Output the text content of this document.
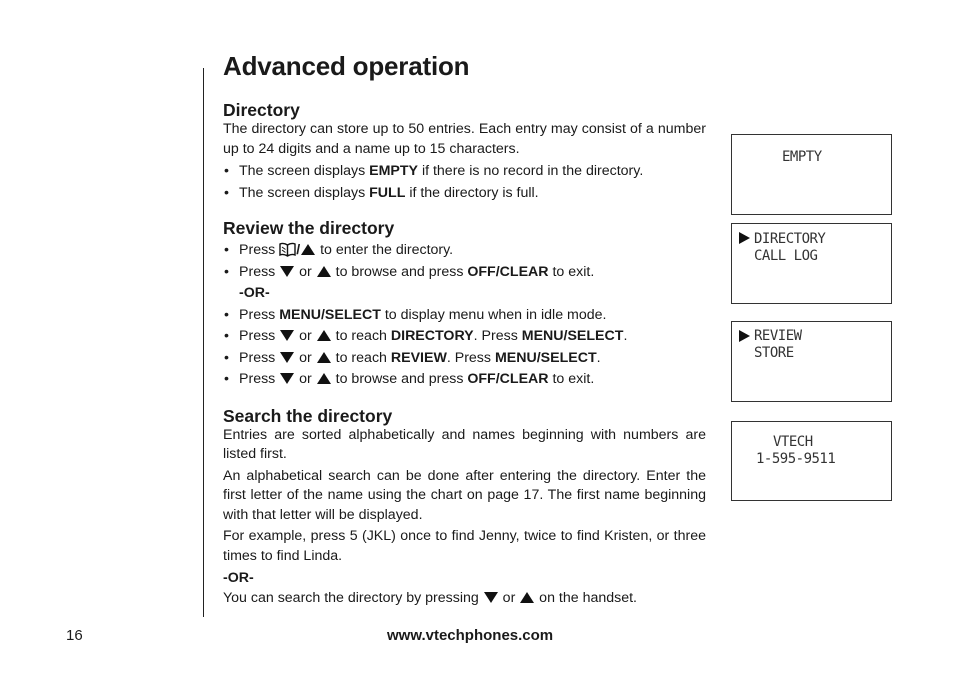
Advanced operation
Directory

The directory can store up to 50 entries. Each entry may consist of a number up to 24 digits and a name up to 15 characters.

• The screen displays EMPTY if there is no record in the directory.
• The screen displays FULL if the directory is full.
Review the directory
• Press / to enter the directory.
• Press  or  to browse and press OFF/CLEAR to exit.
-OR-
• Press MENU/SELECT to display menu when in idle mode.
• Press  or  to reach DIRECTORY. Press MENU/SELECT.
• Press  or  to reach REVIEW. Press MENU/SELECT.
• Press  or  to browse and press OFF/CLEAR to exit.
Search the directory

Entries are sorted alphabetically and names beginning with numbers are listed first.

An alphabetical search can be done after entering the directory. Enter the first letter of the name using the chart on page 17. The first name beginning with that letter will be displayed.

For example, press 5 (JKL) once to find Jenny, twice to find Kristen, or three times to find Linda.

-OR-

You can search the directory by pressing  or  on the handset.

EMPTY
DIRECTORY
CALL LOG
REVIEW
STORE
VTECH
1-595-9511
16	www.vtechphones.com
